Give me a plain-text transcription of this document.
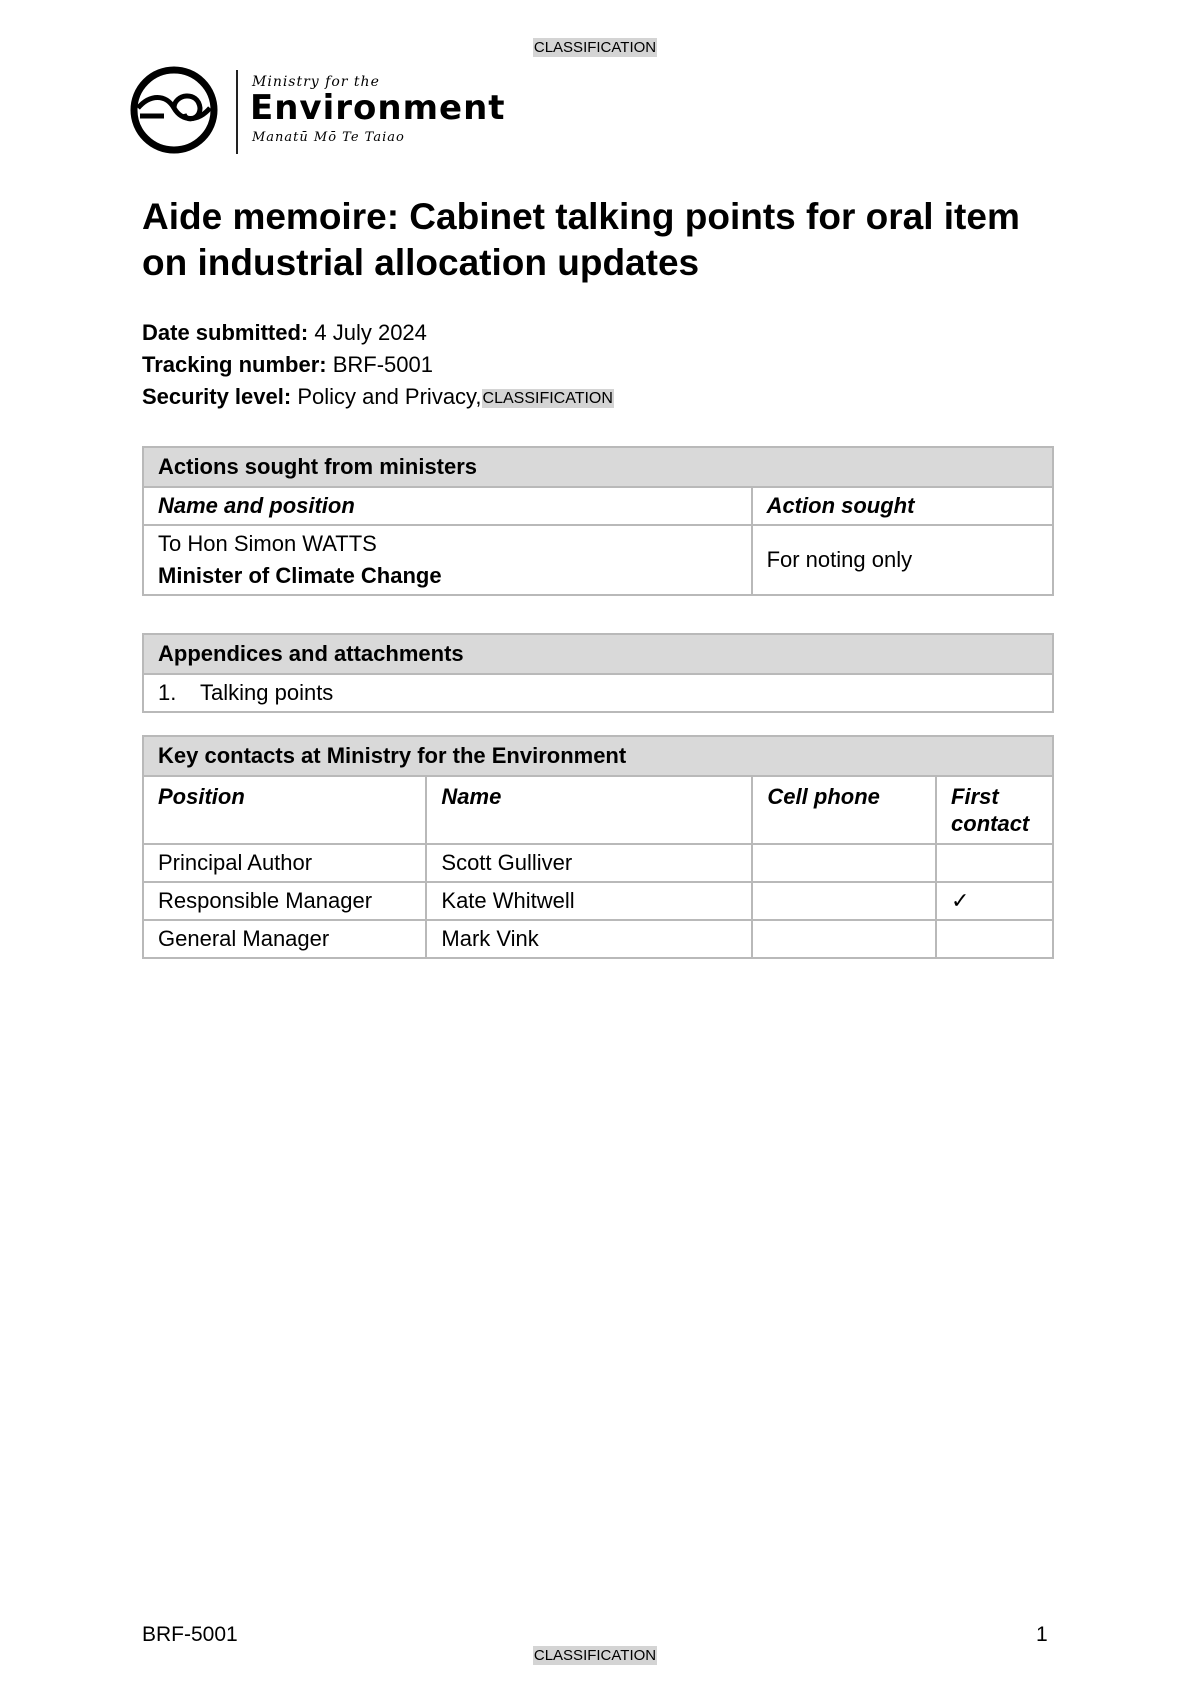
CLASSIFICATION
Ministry for the
Environment
Manatū Mō Te Taiao
Aide memoire: Cabinet talking points for oral item on industrial allocation updates
Date submitted: 4 July 2024
Tracking number: BRF-5001
Security level: Policy and Privacy,CLASSIFICATION
Actions sought from ministers	
Name and position	Action sought

To Hon Simon WATTS
Minister of Climate Change	For noting only
Appendices and attachments
1. Talking points
Key contacts at Ministry for the Environment			
Position	Name	Cell phone	First contact
Principal Author	Scott Gulliver		
Responsible Manager	Kate Whitwell		✓
General Manager	Mark Vink		
BRF-5001	1
CLASSIFICATION
